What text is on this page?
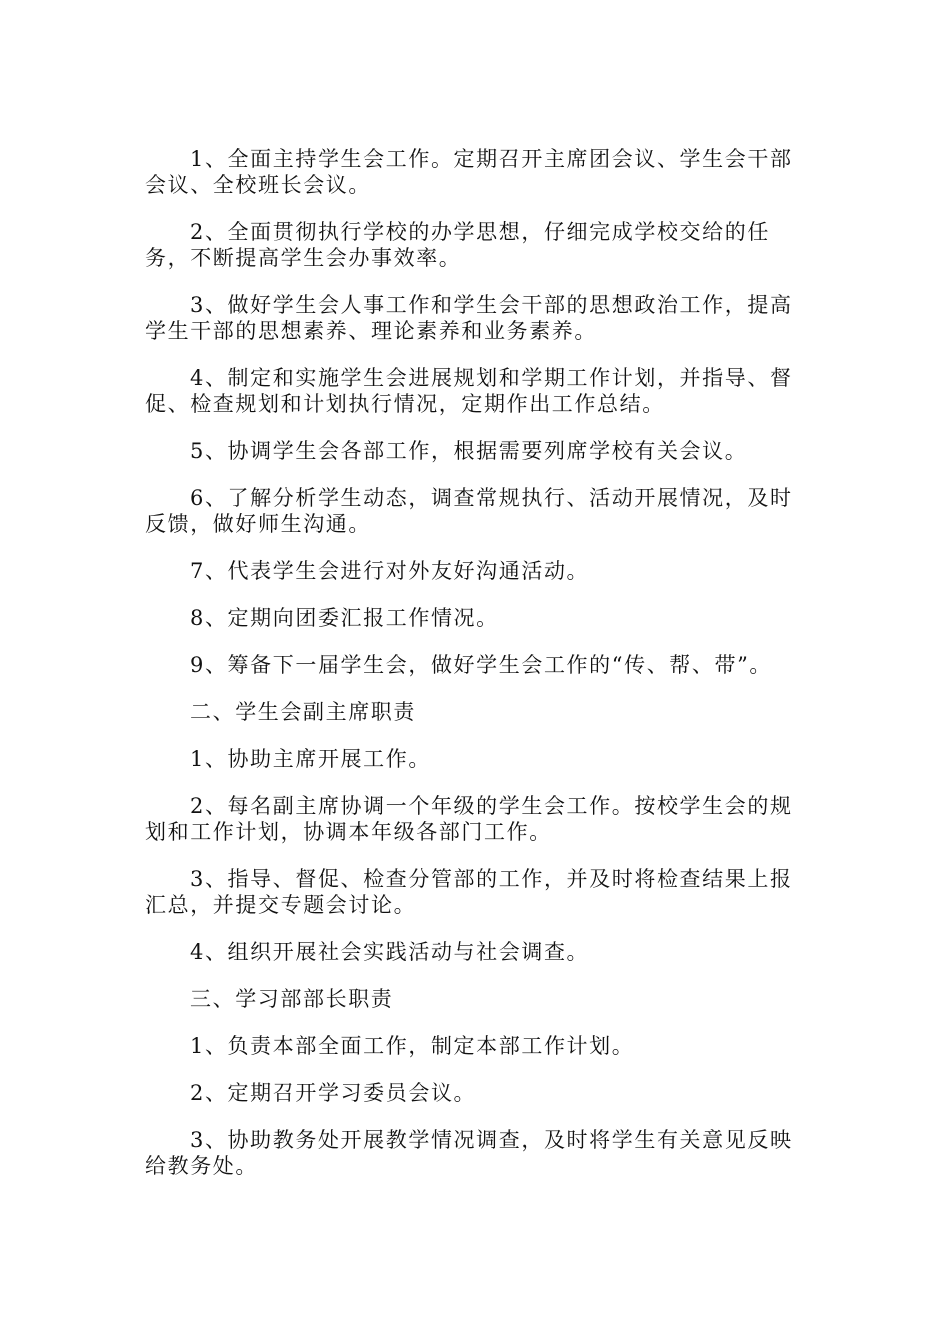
1、全面主持学生会工作。定期召开主席团会议、学生会干部会议、全校班长会议。

2、全面贯彻执行学校的办学思想，仔细完成学校交给的任务，不断提高学生会办事效率。

3、做好学生会人事工作和学生会干部的思想政治工作，提高学生干部的思想素养、理论素养和业务素养。

4、制定和实施学生会进展规划和学期工作计划，并指导、督促、检查规划和计划执行情况，定期作出工作总结。

5、协调学生会各部工作，根据需要列席学校有关会议。

6、了解分析学生动态，调查常规执行、活动开展情况，及时反馈，做好师生沟通。

7、代表学生会进行对外友好沟通活动。

8、定期向团委汇报工作情况。

9、筹备下一届学生会，做好学生会工作的“传、帮、带”。

二、学生会副主席职责

1、协助主席开展工作。

2、每名副主席协调一个年级的学生会工作。按校学生会的规划和工作计划，协调本年级各部门工作。

3、指导、督促、检查分管部的工作，并及时将检查结果上报汇总，并提交专题会讨论。

4、组织开展社会实践活动与社会调查。

三、学习部部长职责

1、负责本部全面工作，制定本部工作计划。

2、定期召开学习委员会议。

3、协助教务处开展教学情况调查，及时将学生有关意见反映给教务处。
